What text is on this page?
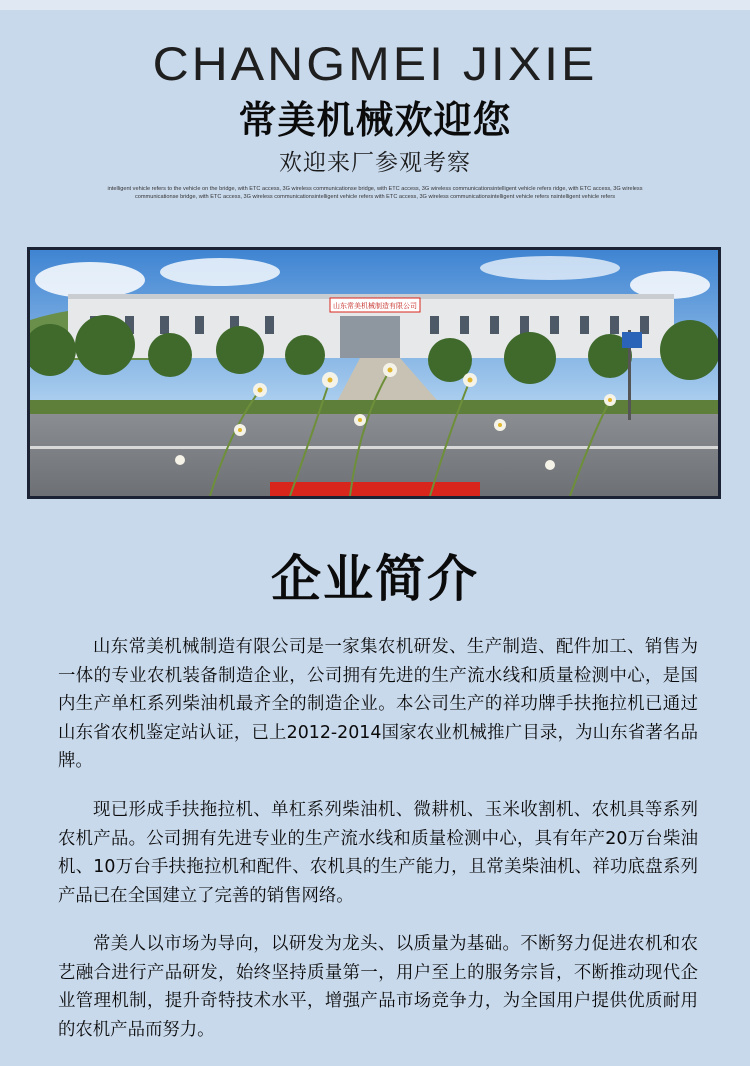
CHANGMEI JIXIE
常美机械欢迎您
欢迎来厂参观考察
intelligent vehicle refers to the vehicle on the bridge, with ETC access, 3G wireless communicationse bridge, with ETC access, 3G wireless communicationsintelligent vehicle refers ridge, with ETC access, 3G wireless communicationse bridge, with ETC access, 3G wireless communicationsintelligent vehicle refers with ETC access, 3G wireless communicationsintelligent vehicle refers nsintelligent vehicle refers
山东常美机械制造有限公司
企业简介

山东常美机械制造有限公司是一家集农机研发、生产制造、配件加工、销售为一体的专业农机装备制造企业，公司拥有先进的生产流水线和质量检测中心，是国内生产单杠系列柴油机最齐全的制造企业。本公司生产的祥功牌手扶拖拉机已通过山东省农机鉴定站认证，已上2012-2014国家农业机械推广目录，为山东省著名品牌。

现已形成手扶拖拉机、单杠系列柴油机、微耕机、玉米收割机、农机具等系列农机产品。公司拥有先进专业的生产流水线和质量检测中心，具有年产20万台柴油机、10万台手扶拖拉机和配件、农机具的生产能力，且常美柴油机、祥功底盘系列产品已在全国建立了完善的销售网络。

常美人以市场为导向，以研发为龙头、以质量为基础。不断努力促进农机和农艺融合进行产品研发，始终坚持质量第一，用户至上的服务宗旨，不断推动现代企业管理机制，提升奇特技术水平，增强产品市场竞争力，为全国用户提供优质耐用的农机产品而努力。
